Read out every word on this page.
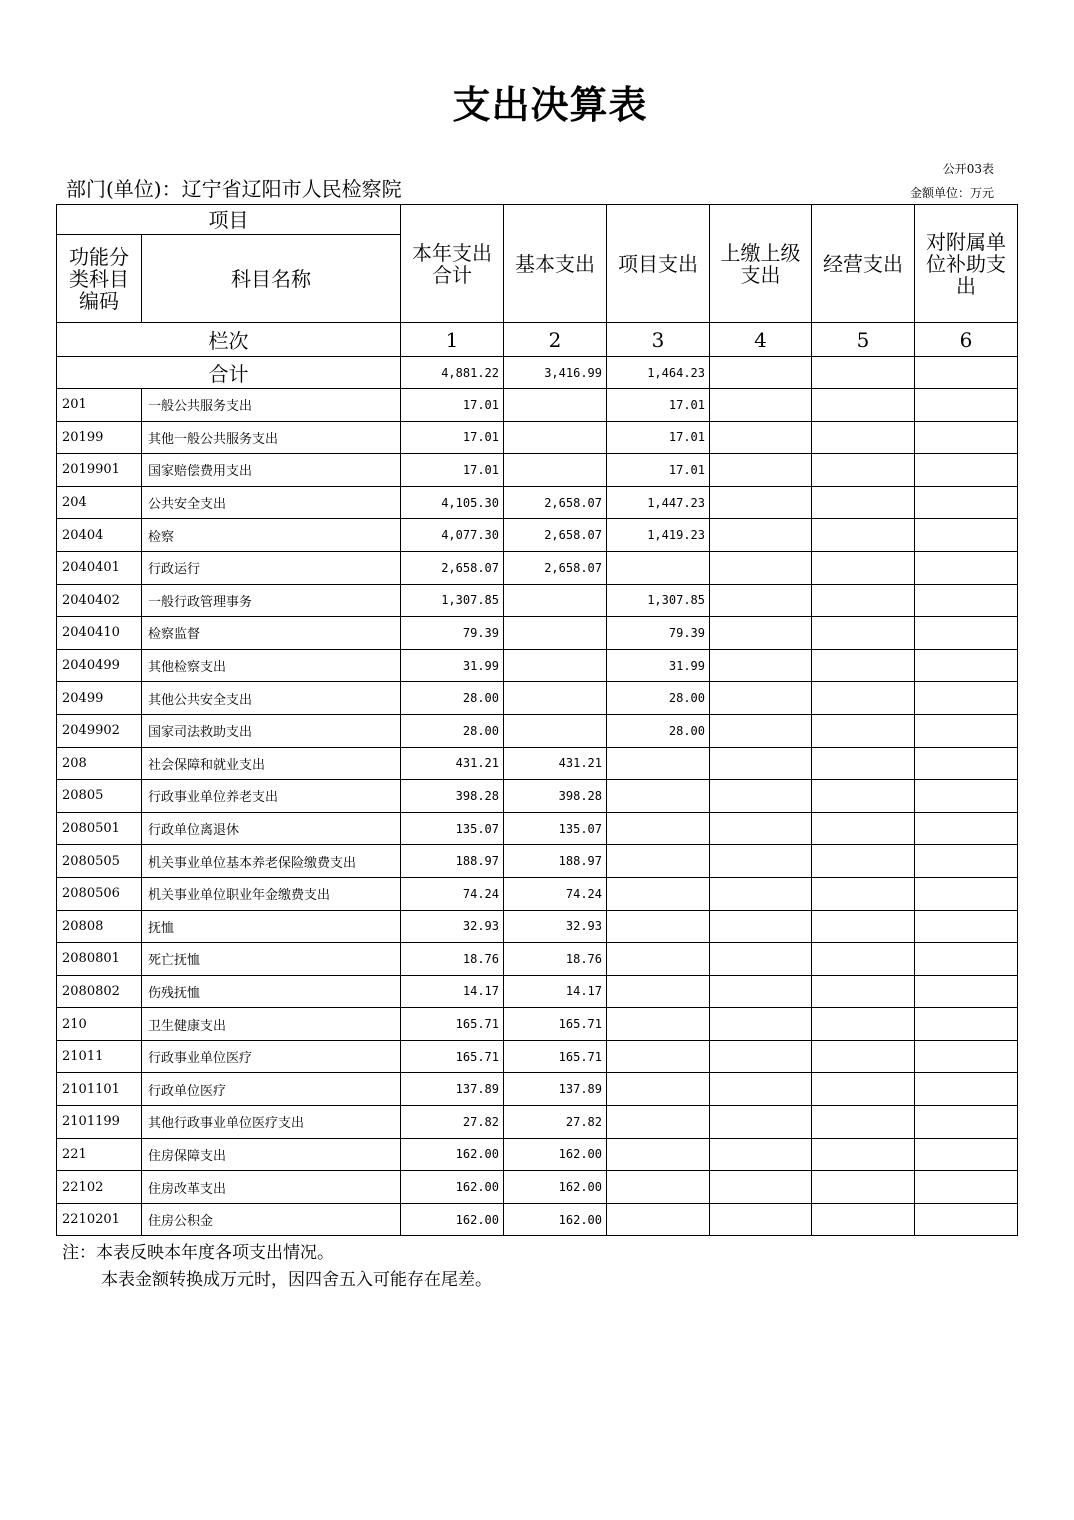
支出决算表
公开03表
金额单位：万元
部门(单位)：辽宁省辽阳市人民检察院
项目		本年支出合计	基本支出	项目支出	上缴上级支出	经营支出	对附属单位补助支出
功能分类科目编码	科目名称						
栏次		1	2	3	4	5	6
合计		4,881.22	3,416.99	1,464.23			
201	一般公共服务支出	17.01		17.01			
20199	其他一般公共服务支出	17.01		17.01			
2019901	国家赔偿费用支出	17.01		17.01			
204	公共安全支出	4,105.30	2,658.07	1,447.23			
20404	检察	4,077.30	2,658.07	1,419.23			
2040401	行政运行	2,658.07	2,658.07				
2040402	一般行政管理事务	1,307.85		1,307.85			
2040410	检察监督	79.39		79.39			
2040499	其他检察支出	31.99		31.99			
20499	其他公共安全支出	28.00		28.00			
2049902	国家司法救助支出	28.00		28.00			
208	社会保障和就业支出	431.21	431.21				
20805	行政事业单位养老支出	398.28	398.28				
2080501	行政单位离退休	135.07	135.07				
2080505	机关事业单位基本养老保险缴费支出	188.97	188.97				
2080506	机关事业单位职业年金缴费支出	74.24	74.24				
20808	抚恤	32.93	32.93				
2080801	死亡抚恤	18.76	18.76				
2080802	伤残抚恤	14.17	14.17				
210	卫生健康支出	165.71	165.71				
21011	行政事业单位医疗	165.71	165.71				
2101101	行政单位医疗	137.89	137.89				
2101199	其他行政事业单位医疗支出	27.82	27.82				
221	住房保障支出	162.00	162.00				
22102	住房改革支出	162.00	162.00				
2210201	住房公积金	162.00	162.00				
注：本表反映本年度各项支出情况。
本表金额转换成万元时，因四舍五入可能存在尾差。
